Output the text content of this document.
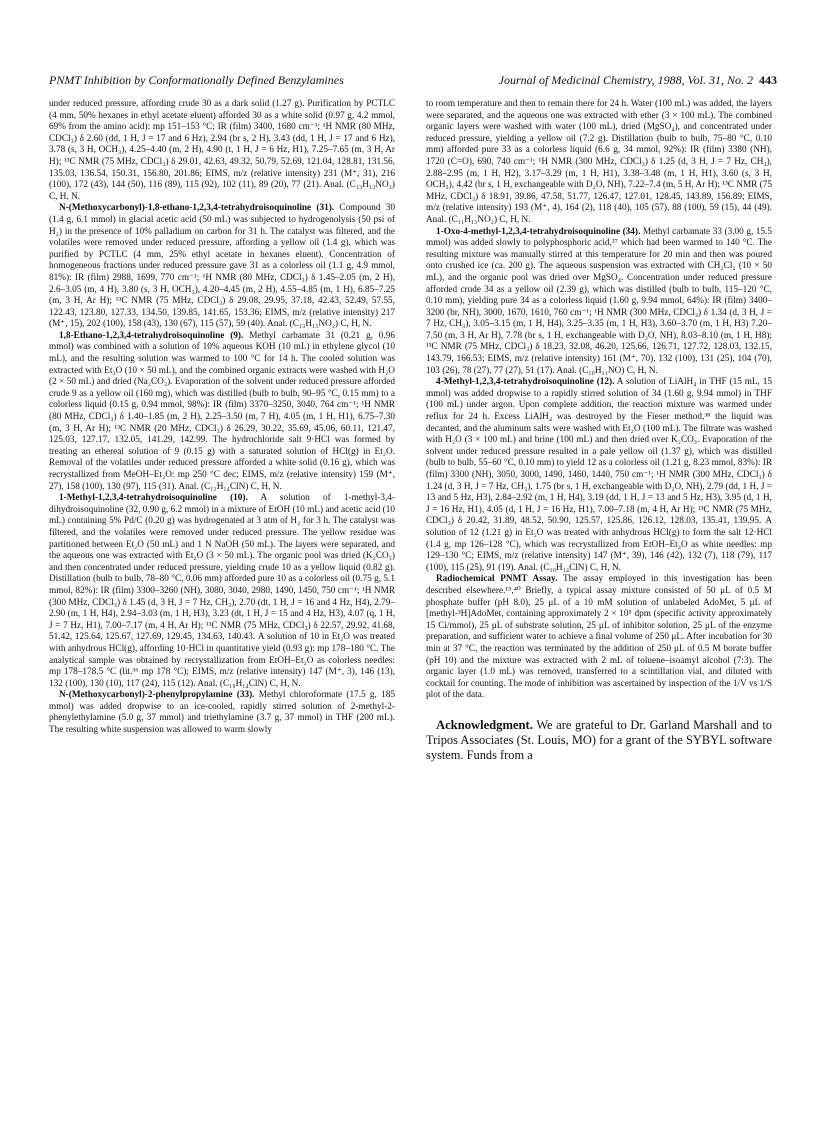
PNMT Inhibition by Conformationally Defined Benzylamines	Journal of Medicinal Chemistry, 1988, Vol. 31, No. 2 443

under reduced pressure, affording crude 30 as a dark solid (1.27 g). Purification by PCTLC (4 mm, 50% hexanes in ethyl acetate eluent) afforded 30 as a white solid (0.97 g, 4.2 mmol, 69% from the amino acid): mp 151–153 °C; IR (film) 3400, 1680 cm⁻¹; ¹H NMR (80 MHz, CDCl₃) δ 2.60 (dd, 1 H, J = 17 and 6 Hz), 2.94 (br s, 2 H), 3.43 (dd, 1 H, J = 17 and 6 Hz), 3.78 (s, 3 H, OCH₃), 4.25–4.40 (m, 2 H), 4.90 (t, 1 H, J = 6 Hz, H1), 7.25–7.65 (m, 3 H, Ar H); ¹³C NMR (75 MHz, CDCl₃) δ 29.01, 42.63, 49.32, 50.79, 52.69, 121.04, 128.81, 131.56, 135.03, 136.54, 150.31, 156.80, 201.86; EIMS, m/z (relative intensity) 231 (M⁺, 31), 216 (100), 172 (43), 144 (50), 116 (89), 115 (92), 102 (11), 89 (20), 77 (21). Anal. (C₁₃H₁₃NO₃) C, H, N.

N-(Methoxycarbonyl)-1,8-ethano-1,2,3,4-tetrahydroisoquinoline (31). Compound 30 (1.4 g, 6.1 mmol) in glacial acetic acid (50 mL) was subjected to hydrogenolysis (50 psi of H₂) in the presence of 10% palladium on carbon for 31 h. The catalyst was filtered, and the volatiles were removed under reduced pressure, affording a yellow oil (1.4 g), which was purified by PCTLC (4 mm, 25% ethyl acetate in hexanes eluent). Concentration of homogeneous fractions under reduced pressure gave 31 as a colorless oil (1.1 g, 4.9 mmol, 81%): IR (film) 2988, 1699, 770 cm⁻¹; ¹H NMR (80 MHz, CDCl₃) δ 1.45–2.05 (m, 2 H), 2.6–3.05 (m, 4 H), 3.80 (s, 3 H, OCH₃), 4.20–4.45 (m, 2 H), 4.55–4.85 (m, 1 H), 6.85–7.25 (m, 3 H, Ar H); ¹³C NMR (75 MHz, CDCl₃) δ 29.08, 29.95, 37.18, 42.43, 52.49, 57.55, 122.43, 123.80, 127.33, 134.50, 139.85, 141.65, 153.36; EIMS, m/z (relative intensity) 217 (M⁺, 15), 202 (100), 158 (43), 130 (67), 115 (57), 59 (40). Anal. (C₁₃H₁₅NO₂) C, H, N.

1,8-Ethano-1,2,3,4-tetrahydroisoquinoline (9). Methyl carbamate 31 (0.21 g, 0.96 mmol) was combined with a solution of 10% aqueous KOH (10 mL) in ethylene glycol (10 mL), and the resulting solution was warmed to 100 °C for 14 h. The cooled solution was extracted with Et₂O (10 × 50 mL), and the combined organic extracts were washed with H₂O (2 × 50 mL) and dried (Na₂CO₃). Evaporation of the solvent under reduced pressure afforded crude 9 as a yellow oil (160 mg), which was distilled (bulb to bulb, 90–95 °C, 0.15 mm) to a colorless liquid (0.15 g, 0.94 mmol, 98%): IR (film) 3370–3250, 3040, 764 cm⁻¹; ¹H NMR (80 MHz, CDCl₃) δ 1.40–1.85 (m, 2 H), 2.25–3.50 (m, 7 H), 4.05 (m, 1 H, H1), 6.75–7.30 (m, 3 H, Ar H); ¹³C NMR (20 MHz, CDCl₃) δ 26.29, 30.22, 35.69, 45.06, 60.11, 121.47, 125.03, 127.17, 132.05, 141.29, 142.99. The hydrochloride salt 9·HCl was formed by treating an ethereal solution of 9 (0.15 g) with a saturated solution of HCl(g) in Et₂O. Removal of the volatiles under reduced pressure afforded a white solid (0.16 g), which was recrystallized from MeOH–Et₂O: mp 250 °C dec; EIMS, m/z (relative intensity) 159 (M⁺, 27), 158 (100), 130 (97), 115 (31). Anal. (C₁₁H₁₄ClN) C, H, N.

1-Methyl-1,2,3,4-tetrahydroisoquinoline (10). A solution of 1-methyl-3,4-dihydroisoquinoline (32, 0.90 g, 6.2 mmol) in a mixture of EtOH (10 mL) and acetic acid (10 mL) containing 5% Pd/C (0.20 g) was hydrogenated at 3 atm of H₂ for 3 h. The catalyst was filtered, and the volatiles were removed under reduced pressure. The yellow residue was partitioned between Et₂O (50 mL) and 1 N NaOH (50 mL). The layers were separated, and the aqueous one was extracted with Et₂O (3 × 50 mL). The organic pool was dried (K₂CO₃) and then concentrated under reduced pressure, yielding crude 10 as a yellow liquid (0.82 g). Distillation (bulb to bulb, 78–80 °C, 0.06 mm) afforded pure 10 as a colorless oil (0.75 g, 5.1 mmol, 82%): IR (film) 3300–3260 (NH), 3080, 3040, 2980, 1490, 1450, 750 cm⁻¹; ¹H NMR (300 MHz, CDCl₃) δ 1.45 (d, 3 H, J = 7 Hz, CH₃), 2.70 (dt, 1 H, J = 16 and 4 Hz, H4), 2.79–2.90 (m, 1 H, H4), 2.94–3.03 (m, 1 H, H3), 3.23 (dt, 1 H, J = 15 and 4 Hz, H3), 4.07 (q, 1 H, J = 7 Hz, H1), 7.00–7.17 (m, 4 H, Ar H); ¹³C NMR (75 MHz, CDCl₃) δ 22.57, 29.92, 41.68, 51.42, 125.64, 125.67, 127.69, 129.45, 134.63, 140.43. A solution of 10 in Et₂O was treated with anhydrous HCl(g), affording 10·HCl in quantitative yield (0.93 g): mp 178–180 °C. The analytical sample was obtained by recrystallization from EtOH–Et₂O as colorless needles: mp 178–178.5 °C (lit.³⁶ mp 178 °C); EIMS, m/z (relative intensity) 147 (M⁺, 3), 146 (13), 132 (100), 130 (10), 117 (24), 115 (12). Anal. (C₁₀H₁₄ClN) C, H, N.

N-(Methoxycarbonyl)-2-phenylpropylamine (33). Methyl chloroformate (17.5 g, 185 mmol) was added dropwise to an ice-cooled, rapidly stirred solution of 2-methyl-2-phenylethylamine (5.0 g, 37 mmol) and triethylamine (3.7 g, 37 mmol) in THF (200 mL). The resulting white suspension was allowed to warm slowly

to room temperature and then to remain there for 24 h. Water (100 mL) was added, the layers were separated, and the aqueous one was extracted with ether (3 × 100 mL). The combined organic layers were washed with water (100 mL), dried (MgSO₄), and concentrated under reduced pressure, yielding a yellow oil (7.2 g). Distillation (bulb to bulb, 75–80 °C, 0.10 mm) afforded pure 33 as a colorless liquid (6.6 g, 34 mmol, 92%): IR (film) 3380 (NH), 1720 (C=O), 690, 740 cm⁻¹; ¹H NMR (300 MHz, CDCl₃) δ 1.25 (d, 3 H, J = 7 Hz, CH₃), 2.88–2.95 (m, 1 H, H2), 3.17–3.29 (m, 1 H, H1), 3.38–3.48 (m, 1 H, H1), 3.60 (s, 3 H, OCH₃), 4.42 (br s, 1 H, exchangeable with D₂O, NH), 7.22–7.4 (m, 5 H, Ar H); ¹³C NMR (75 MHz, CDCl₃) δ 18.91, 39.86, 47.58, 51.77, 126.47, 127.01, 128.45, 143.89, 156.89; EIMS, m/z (relative intensity) 193 (M⁺, 4), 164 (2), 118 (40), 105 (57), 88 (100), 59 (15), 44 (49). Anal. (C₁₁H₁₅NO₂) C, H, N.

1-Oxo-4-methyl-1,2,3,4-tetrahydroisoquinoline (34). Methyl carbamate 33 (3.00 g, 15.5 mmol) was added slowly to polyphosphoric acid,³⁷ which had been warmed to 140 °C. The resulting mixture was manually stirred at this temperature for 20 min and then was poured onto crushed ice (ca. 200 g). The aqueous suspension was extracted with CH₂Cl₂ (10 × 50 mL), and the organic pool was dried over MgSO₄. Concentration under reduced pressure afforded crude 34 as a yellow oil (2.39 g), which was distilled (bulb to bulb, 115–120 °C, 0.10 mm), yielding pure 34 as a colorless liquid (1.60 g, 9.94 mmol, 64%): IR (film) 3400–3200 (br, NH), 3000, 1670, 1610, 760 cm⁻¹; ¹H NMR (300 MHz, CDCl₃) δ 1.34 (d, 3 H, J = 7 Hz, CH₃), 3.05–3.15 (m, 1 H, H4), 3.25–3.35 (m, 1 H, H3), 3.60–3.70 (m, 1 H, H3) 7.20–7.50 (m, 3 H, Ar H), 7.78 (br s, 1 H, exchangeable with D₂O, NH), 8.03–8.10 (m, 1 H, H8); ¹³C NMR (75 MHz, CDCl₃) δ 18.23, 32.08, 46.20, 125.66, 126.71, 127.72, 128.03, 132.15, 143.79, 166.53; EIMS, m/z (relative intensity) 161 (M⁺, 70), 132 (100), 131 (25), 104 (70), 103 (26), 78 (27), 77 (27), 51 (17). Anal. (C₁₀H₁₁NO) C, H, N.

4-Methyl-1,2,3,4-tetrahydroisoquinoline (12). A solution of LiAlH₄ in THF (15 mL, 15 mmol) was added dropwise to a rapidly stirred solution of 34 (1.60 g, 9.94 mmol) in THF (100 mL) under argon. Upon complete addition, the reaction mixture was warmed under reflux for 24 h. Excess LiAlH₄ was destroyed by the Fieser method,³⁸ the liquid was decanted, and the aluminum salts were washed with Et₂O (100 mL). The filtrate was washed with H₂O (3 × 100 mL) and brine (100 mL) and then dried over K₂CO₃. Evaporation of the solvent under reduced pressure resulted in a pale yellow oil (1.37 g), which was distilled (bulb to bulb, 55–60 °C, 0.10 mm) to yield 12 as a colorless oil (1.21 g, 8.23 mmol, 83%): IR (film) 3300 (NH), 3050, 3000, 1490, 1460, 1440, 750 cm⁻¹; ¹H NMR (300 MHz, CDCl₃) δ 1.24 (d, 3 H, J = 7 Hz, CH₃), 1.75 (br s, 1 H, exchangeable with D₂O, NH), 2.79 (dd, 1 H, J = 13 and 5 Hz, H3), 2.84–2.92 (m, 1 H, H4), 3.19 (dd, 1 H, J = 13 and 5 Hz, H3), 3.95 (d, 1 H, J = 16 Hz, H1), 4.05 (d, 1 H, J = 16 Hz, H1), 7.00–7.18 (m, 4 H, Ar H); ¹³C NMR (75 MHz, CDCl₃) δ 20.42, 31.89, 48.52, 50.90, 125.57, 125.86, 126.12, 128.03, 135.41, 139.95. A solution of 12 (1.21 g) in Et₂O was treated with anhydrous HCl(g) to form the salt 12·HCl (1.4 g, mp 126–128 °C), which was recrystallized from EtOH–Et₂O as white needles: mp 129–130 °C; EIMS, m/z (relative intensity) 147 (M⁺, 39), 146 (42), 132 (7), 118 (79), 117 (100), 115 (25), 91 (19). Anal. (C₁₀H₁₄ClN) C, H, N.

Radiochemical PNMT Assay. The assay employed in this investigation has been described elsewhere.¹⁹,⁴⁰ Briefly, a typical assay mixture consisted of 50 μL of 0.5 M phosphate buffer (pH 8.0), 25 μL of a 10 mM solution of unlabeled AdoMet, 5 μL of [methyl-³H]AdoMet, containing approximately 2 × 10⁵ dpm (specific activity approximately 15 Ci/mmol), 25 μL of substrate solution, 25 μL of inhibitor solution, 25 μL of the enzyme preparation, and sufficient water to achieve a final volume of 250 μL. After incubation for 30 min at 37 °C, the reaction was terminated by the addition of 250 μL of 0.5 M borate buffer (pH 10) and the mixture was extracted with 2 mL of toluene–isoamyl alcohol (7:3). The organic layer (1.0 mL) was removed, transferred to a scintillation vial, and diluted with cocktail for counting. The mode of inhibition was ascertained by inspection of the 1/V vs 1/S plot of the data.

Acknowledgment. We are grateful to Dr. Garland Marshall and to Tripos Associates (St. Louis, MO) for a grant of the SYBYL software system. Funds from a
